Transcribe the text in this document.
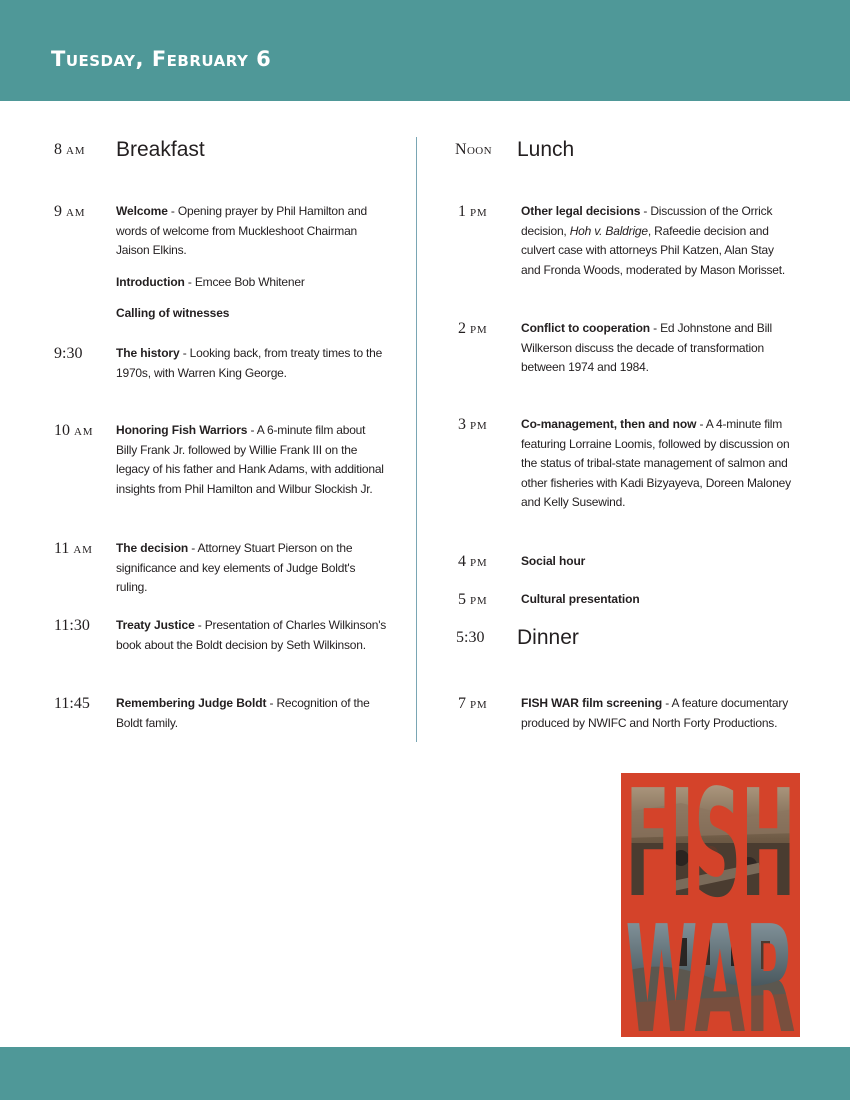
Tuesday, February 6
8 AM Breakfast
9 AM	Welcome - Opening prayer by Phil Hamilton and words of welcome from Muckleshoot Chairman Jaison Elkins.

Introduction - Emcee Bob Whitener

Calling of witnesses

9:30	The history - Looking back, from treaty times to the 1970s, with Warren King George.

10 AM Honoring Fish Warriors - A 6-minute film about Billy Frank Jr. followed by Willie Frank III on the legacy of his father and Hank Adams, with additional insights from Phil Hamilton and Wilbur Slockish Jr.

11 AM The decision - Attorney Stuart Pierson on the significance and key elements of Judge Boldt's ruling.

11:30 Treaty Justice - Presentation of Charles Wilkinson's book about the Boldt decision by Seth Wilkinson.

11:45 Remembering Judge Boldt - Recognition of the Boldt family.

Noon Lunch
1 PM	Other legal decisions - Discussion of the Orrick decision, Hoh v. Baldrige, Rafeedie decision and culvert case with attorneys Phil Katzen, Alan Stay and Fronda Woods, moderated by Mason Morisset.

2 PM	Conflict to cooperation - Ed Johnstone and Bill Wilkerson discuss the decade of transformation between 1974 and 1984.

3 PM	Co-management, then and now - A 4-minute film featuring Lorraine Loomis, followed by discussion on the status of tribal-state management of salmon and other fisheries with Kadi Bizyayeva, Doreen Maloney and Kelly Susewind.

4 PM	Social hour

5 PM	Cultural presentation

5:30 Dinner
7 PM	FISH WAR film screening - A feature documentary produced by NWIFC and North Forty Productions.
